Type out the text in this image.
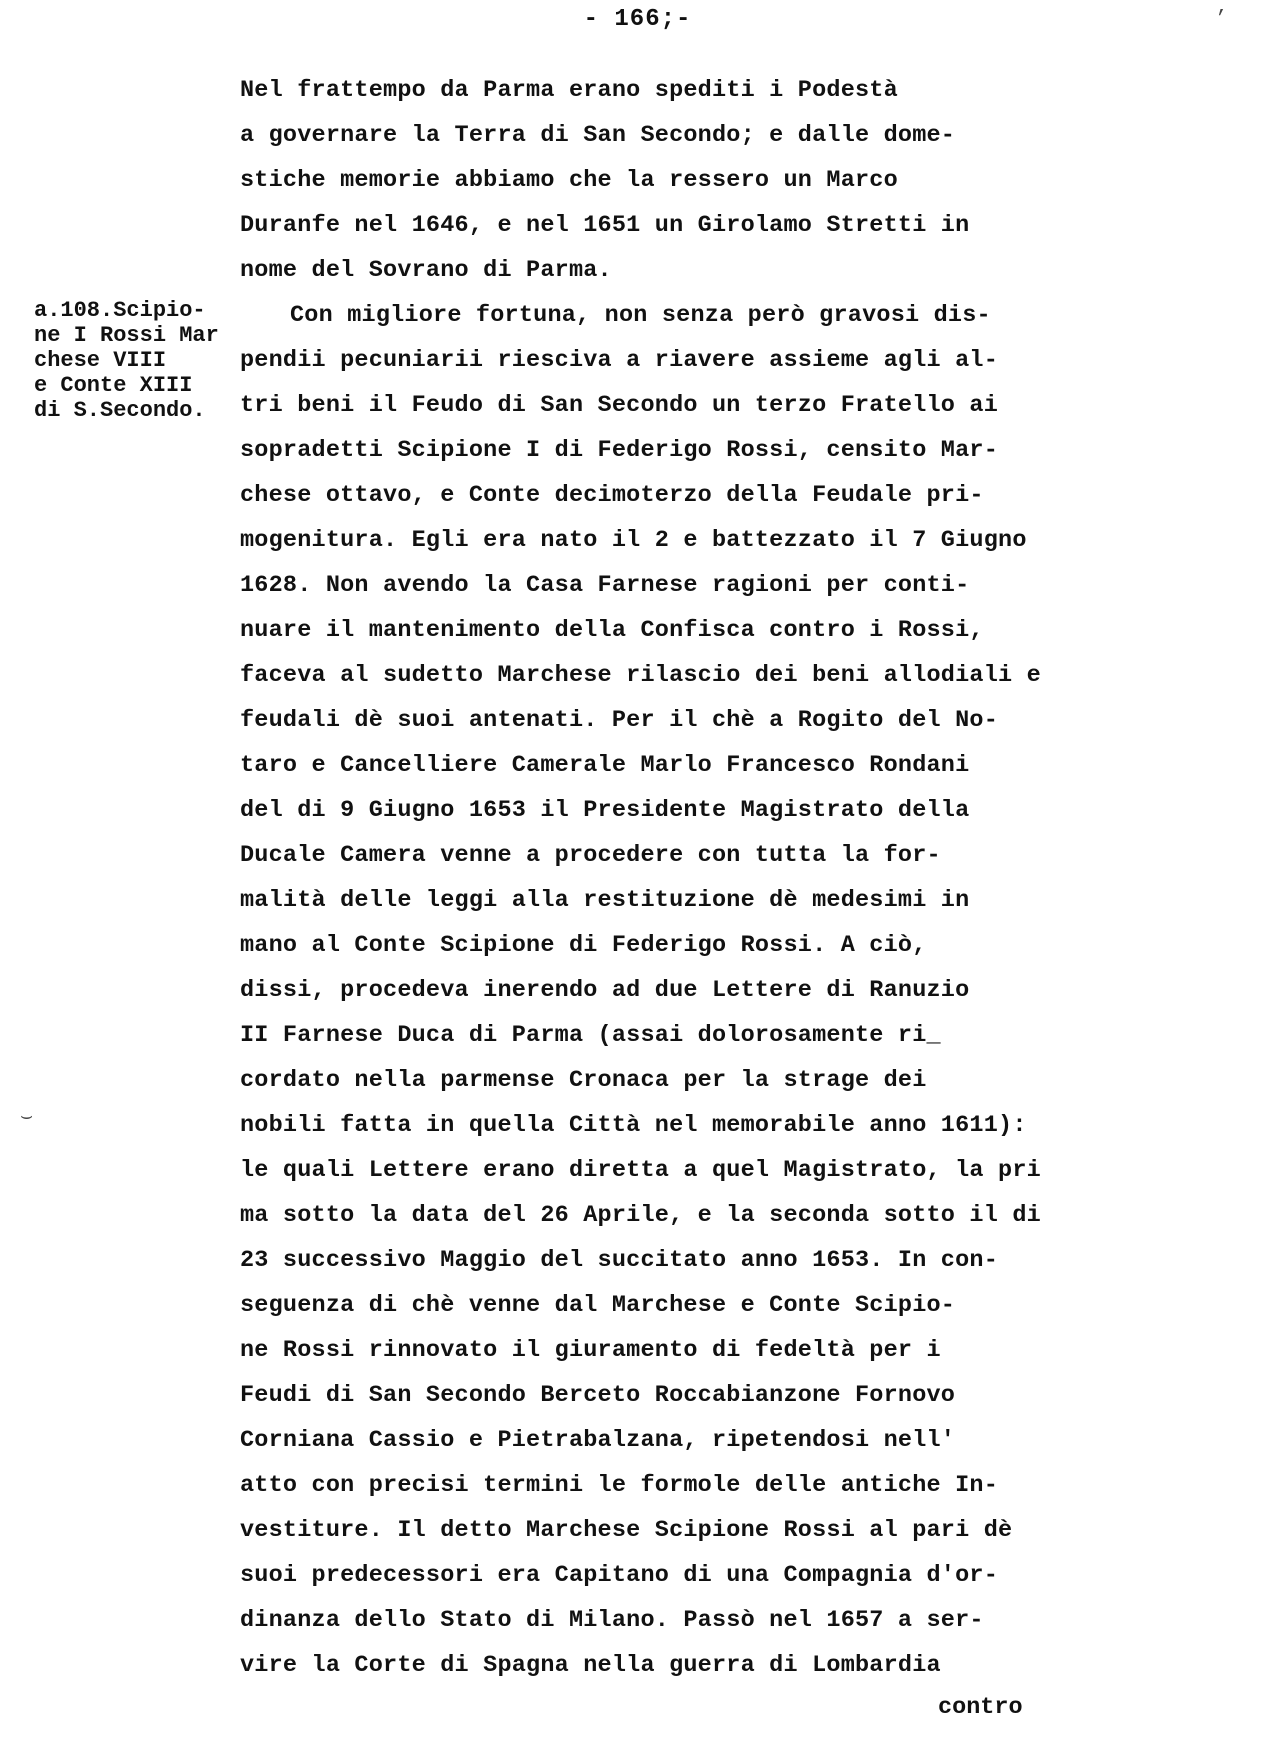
- 166;-
a.108.Scipio-
ne I Rossi Mar
chese VIII
e Conte XIII
di S.Secondo.
Nel frattempo da Parma erano spediti i Podestà
a governare la Terra di San Secondo; e dalle dome-
stiche memorie abbiamo che la ressero un Marco
Duranfe nel 1646, e nel 1651 un Girolamo Stretti in
nome del Sovrano di Parma.
Con migliore fortuna, non senza però gravosi dis-
pendii pecuniarii riesciva a riavere assieme agli al-
tri beni il Feudo di San Secondo un terzo Fratello ai
sopradetti Scipione I di Federigo Rossi, censito Mar-
chese ottavo, e Conte decimoterzo della Feudale pri-
mogenitura. Egli era nato il 2 e battezzato il 7 Giugno
1628. Non avendo la Casa Farnese ragioni per conti-
nuare il mantenimento della Confisca contro i Rossi,
faceva al sudetto Marchese rilascio dei beni allodiali e
feudali dè suoi antenati. Per il chè a Rogito del No-
taro e Cancelliere Camerale Marlo Francesco Rondani
del di 9 Giugno 1653 il Presidente Magistrato della
Ducale Camera venne a procedere con tutta la for-
malità delle leggi alla restituzione dè medesimi in
mano al Conte Scipione di Federigo Rossi. A ciò,
dissi, procedeva inerendo ad due Lettere di Ranuzio
II Farnese Duca di Parma (assai dolorosamente ri_
cordato nella parmense Cronaca per la strage dei
nobili fatta in quella Città nel memorabile anno 1611):
le quali Lettere erano diretta a quel Magistrato, la pri
ma sotto la data del 26 Aprile, e la seconda sotto il di
23 successivo Maggio del succitato anno 1653. In con-
seguenza di chè venne dal Marchese e Conte Scipio-
ne Rossi rinnovato il giuramento di fedeltà per i
Feudi di San Secondo Berceto Roccabianzone Fornovo
Corniana Cassio e Pietrabalzana, ripetendosi nell'
atto con precisi termini le formole delle antiche In-
vestiture. Il detto Marchese Scipione Rossi al pari dè
suoi predecessori era Capitano di una Compagnia d'or-
dinanza dello Stato di Milano. Passò nel 1657 a ser-
vire la Corte di Spagna nella guerra di Lombardia
contro
⌣
’
